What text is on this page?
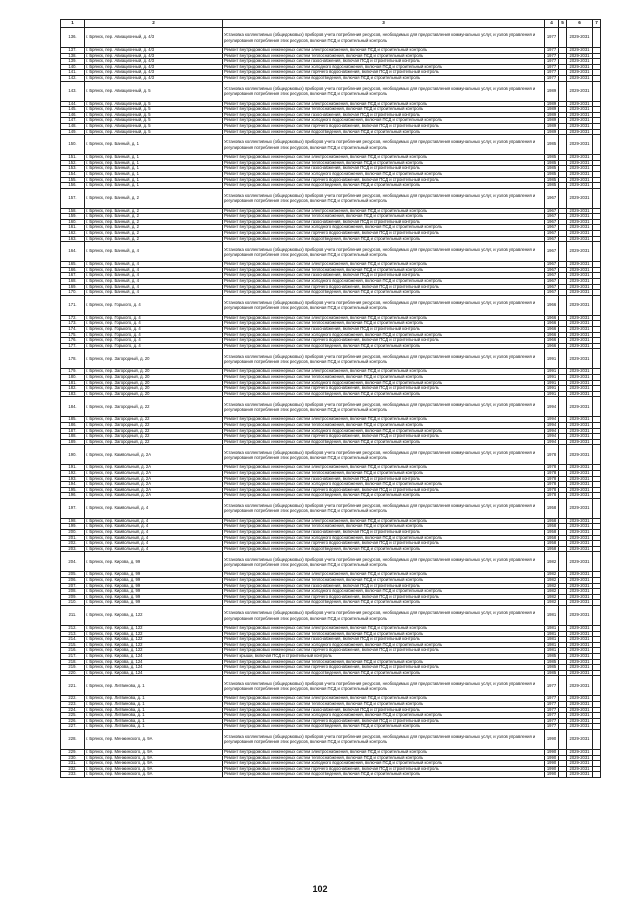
1	2	3	4	5	6	7
136.	г. Брянск, пер. Авиационный, д. 4/3	Установка коллективных (общедомовых) приборов учета потребления ресурсов, необходимых для предоставления коммунальных услуг, и узлов управления и регулирования потребления этих ресурсов, включая ПСД и строительный контроль	1977		2029-2031	
137.	г. Брянск, пер. Авиационный, д. 4/3	Ремонт внутридомовых инженерных систем электроснабжения, включая ПСД и строительный контроль	1977		2029-2031	
138.	г. Брянск, пер. Авиационный, д. 4/3	Ремонт внутридомовых инженерных систем теплоснабжения, включая ПСД и строительный контроль	1977		2029-2031	
139.	г. Брянск, пер. Авиационный, д. 4/3	Ремонт внутридомовых инженерных систем газоснабжения, включая ПСД и строительный контроль	1977		2029-2031	
140.	г. Брянск, пер. Авиационный, д. 4/3	Ремонт внутридомовых инженерных систем холодного водоснабжения, включая ПСД и строительный контроль	1977		2029-2031	
141.	г. Брянск, пер. Авиационный, д. 4/3	Ремонт внутридомовых инженерных систем горячего водоснабжения, включая ПСД и строительный контроль	1977		2029-2031	
142.	г. Брянск, пер. Авиационный, д. 4/3	Ремонт внутридомовых инженерных систем водоотведения, включая ПСД и строительный контроль	1977		2029-2031	
143.	г. Брянск, пер. Авиационный, д. 5	Установка коллективных (общедомовых) приборов учета потребления ресурсов, необходимых для предоставления коммунальных услуг, и узлов управления и регулирования потребления этих ресурсов, включая ПСД и строительный контроль	1989		2029-2031	
144.	г. Брянск, пер. Авиационный, д. 5	Ремонт внутридомовых инженерных систем электроснабжения, включая ПСД и строительный контроль	1989		2029-2031	
145.	г. Брянск, пер. Авиационный, д. 5	Ремонт внутридомовых инженерных систем теплоснабжения, включая ПСД и строительный контроль	1989		2029-2031	
146.	г. Брянск, пер. Авиационный, д. 5	Ремонт внутридомовых инженерных систем газоснабжения, включая ПСД и строительный контроль	1989		2029-2031	
147.	г. Брянск, пер. Авиационный, д. 5	Ремонт внутридомовых инженерных систем холодного водоснабжения, включая ПСД и строительный контроль	1989		2029-2031	
148.	г. Брянск, пер. Авиационный, д. 5	Ремонт внутридомовых инженерных систем горячего водоснабжения, включая ПСД и строительный контроль	1989		2029-2031	
149.	г. Брянск, пер. Авиационный, д. 5	Ремонт внутридомовых инженерных систем водоотведения, включая ПСД и строительный контроль	1989		2029-2031	
150.	г. Брянск, пер. Банный, д. 1	Установка коллективных (общедомовых) приборов учета потребления ресурсов, необходимых для предоставления коммунальных услуг, и узлов управления и регулирования потребления этих ресурсов, включая ПСД и строительный контроль	1985		2029-2031	
151.	г. Брянск, пер. Банный, д. 1	Ремонт внутридомовых инженерных систем электроснабжения, включая ПСД и строительный контроль	1985		2029-2031	
152.	г. Брянск, пер. Банный, д. 1	Ремонт внутридомовых инженерных систем теплоснабжения, включая ПСД и строительный контроль	1985		2029-2031	
153.	г. Брянск, пер. Банный, д. 1	Ремонт внутридомовых инженерных систем газоснабжения, включая ПСД и строительный контроль	1985		2029-2031	
154.	г. Брянск, пер. Банный, д. 1	Ремонт внутридомовых инженерных систем холодного водоснабжения, включая ПСД и строительный контроль	1985		2029-2031	
155.	г. Брянск, пер. Банный, д. 1	Ремонт внутридомовых инженерных систем горячего водоснабжения, включая ПСД и строительный контроль	1985		2029-2031	
156.	г. Брянск, пер. Банный, д. 1	Ремонт внутридомовых инженерных систем водоотведения, включая ПСД и строительный контроль	1985		2029-2031	
157.	г. Брянск, пер. Банный, д. 2	Установка коллективных (общедомовых) приборов учета потребления ресурсов, необходимых для предоставления коммунальных услуг, и узлов управления и регулирования потребления этих ресурсов, включая ПСД и строительный контроль	1967		2029-2031	
158.	г. Брянск, пер. Банный, д. 2	Ремонт внутридомовых инженерных систем электроснабжения, включая ПСД и строительный контроль	1967		2029-2031	
159.	г. Брянск, пер. Банный, д. 2	Ремонт внутридомовых инженерных систем теплоснабжения, включая ПСД и строительный контроль	1967		2029-2031	
160.	г. Брянск, пер. Банный, д. 2	Ремонт внутридомовых инженерных систем газоснабжения, включая ПСД и строительный контроль	1967		2029-2031	
161.	г. Брянск, пер. Банный, д. 2	Ремонт внутридомовых инженерных систем холодного водоснабжения, включая ПСД и строительный контроль	1967		2029-2031	
162.	г. Брянск, пер. Банный, д. 2	Ремонт внутридомовых инженерных систем горячего водоснабжения, включая ПСД и строительный контроль	1967		2029-2031	
163.	г. Брянск, пер. Банный, д. 2	Ремонт внутридомовых инженерных систем водоотведения, включая ПСД и строительный контроль	1967		2029-2031	
164.	г. Брянск, пер. Банный, д. 4	Установка коллективных (общедомовых) приборов учета потребления ресурсов, необходимых для предоставления коммунальных услуг, и узлов управления и регулирования потребления этих ресурсов, включая ПСД и строительный контроль	1967		2029-2031	
165.	г. Брянск, пер. Банный, д. 4	Ремонт внутридомовых инженерных систем электроснабжения, включая ПСД и строительный контроль	1967		2029-2031	
166.	г. Брянск, пер. Банный, д. 4	Ремонт внутридомовых инженерных систем теплоснабжения, включая ПСД и строительный контроль	1967		2029-2031	
167.	г. Брянск, пер. Банный, д. 4	Ремонт внутридомовых инженерных систем газоснабжения, включая ПСД и строительный контроль	1967		2029-2031	
168.	г. Брянск, пер. Банный, д. 4	Ремонт внутридомовых инженерных систем холодного водоснабжения, включая ПСД и строительный контроль	1967		2029-2031	
169.	г. Брянск, пер. Банный, д. 4	Ремонт внутридомовых инженерных систем горячего водоснабжения, включая ПСД и строительный контроль	1967		2029-2031	
170.	г. Брянск, пер. Банный, д. 4	Ремонт внутридомовых инженерных систем водоотведения, включая ПСД и строительный контроль	1967		2029-2031	
171.	г. Брянск, пер. Горького, д. 4	Установка коллективных (общедомовых) приборов учета потребления ресурсов, необходимых для предоставления коммунальных услуг, и узлов управления и регулирования потребления этих ресурсов, включая ПСД и строительный контроль	1966		2029-2031	
172.	г. Брянск, пер. Горького, д. 4	Ремонт внутридомовых инженерных систем электроснабжения, включая ПСД и строительный контроль	1966		2029-2031	
173.	г. Брянск, пер. Горького, д. 4	Ремонт внутридомовых инженерных систем теплоснабжения, включая ПСД и строительный контроль	1966		2029-2031	
174.	г. Брянск, пер. Горького, д. 4	Ремонт внутридомовых инженерных систем газоснабжения, включая ПСД и строительный контроль	1966		2029-2031	
175.	г. Брянск, пер. Горького, д. 4	Ремонт внутридомовых инженерных систем холодного водоснабжения, включая ПСД и строительный контроль	1966		2029-2031	
176.	г. Брянск, пер. Горького, д. 4	Ремонт внутридомовых инженерных систем горячего водоснабжения, включая ПСД и строительный контроль	1966		2029-2031	
177.	г. Брянск, пер. Горького, д. 4	Ремонт внутридомовых инженерных систем водоотведения, включая ПСД и строительный контроль	1966		2029-2031	
178.	г. Брянск, пер. Загородный, д. 20	Установка коллективных (общедомовых) приборов учета потребления ресурсов, необходимых для предоставления коммунальных услуг, и узлов управления и регулирования потребления этих ресурсов, включая ПСД и строительный контроль	1991		2029-2031	
179.	г. Брянск, пер. Загородный, д. 20	Ремонт внутридомовых инженерных систем электроснабжения, включая ПСД и строительный контроль	1991		2029-2031	
180.	г. Брянск, пер. Загородный, д. 20	Ремонт внутридомовых инженерных систем теплоснабжения, включая ПСД и строительный контроль	1991		2029-2031	
181.	г. Брянск, пер. Загородный, д. 20	Ремонт внутридомовых инженерных систем холодного водоснабжения, включая ПСД и строительный контроль	1991		2029-2031	
182.	г. Брянск, пер. Загородный, д. 20	Ремонт внутридомовых инженерных систем горячего водоснабжения, включая ПСД и строительный контроль	1991		2029-2031	
183.	г. Брянск, пер. Загородный, д. 20	Ремонт внутридомовых инженерных систем водоотведения, включая ПСД и строительный контроль	1991		2029-2031	
184.	г. Брянск, пер. Загородный, д. 22	Установка коллективных (общедомовых) приборов учета потребления ресурсов, необходимых для предоставления коммунальных услуг, и узлов управления и регулирования потребления этих ресурсов, включая ПСД и строительный контроль	1994		2029-2031	
185.	г. Брянск, пер. Загородный, д. 22	Ремонт внутридомовых инженерных систем электроснабжения, включая ПСД и строительный контроль	1994		2029-2031	
186.	г. Брянск, пер. Загородный, д. 22	Ремонт внутридомовых инженерных систем теплоснабжения, включая ПСД и строительный контроль	1994		2029-2031	
187.	г. Брянск, пер. Загородный, д. 22	Ремонт внутридомовых инженерных систем холодного водоснабжения, включая ПСД и строительный контроль	1994		2029-2031	
188.	г. Брянск, пер. Загородный, д. 22	Ремонт внутридомовых инженерных систем горячего водоснабжения, включая ПСД и строительный контроль	1994		2029-2031	
189.	г. Брянск, пер. Загородный, д. 22	Ремонт внутридомовых инженерных систем водоотведения, включая ПСД и строительный контроль	1994		2029-2031	
190.	г. Брянск, пер. Камвольный, д. 2А	Установка коллективных (общедомовых) приборов учета потребления ресурсов, необходимых для предоставления коммунальных услуг, и узлов управления и регулирования потребления этих ресурсов, включая ПСД и строительный контроль	1978		2029-2031	
191.	г. Брянск, пер. Камвольный, д. 2А	Ремонт внутридомовых инженерных систем электроснабжения, включая ПСД и строительный контроль	1978		2029-2031	
192.	г. Брянск, пер. Камвольный, д. 2А	Ремонт внутридомовых инженерных систем теплоснабжения, включая ПСД и строительный контроль	1978		2029-2031	
193.	г. Брянск, пер. Камвольный, д. 2А	Ремонт внутридомовых инженерных систем газоснабжения, включая ПСД и строительный контроль	1978		2029-2031	
194.	г. Брянск, пер. Камвольный, д. 2А	Ремонт внутридомовых инженерных систем холодного водоснабжения, включая ПСД и строительный контроль	1978		2029-2031	
195.	г. Брянск, пер. Камвольный, д. 2А	Ремонт внутридомовых инженерных систем горячего водоснабжения, включая ПСД и строительный контроль	1978		2029-2031	
196.	г. Брянск, пер. Камвольный, д. 2А	Ремонт внутридомовых инженерных систем водоотведения, включая ПСД и строительный контроль	1978		2029-2031	
197.	г. Брянск, пер. Камвольный, д. 4	Установка коллективных (общедомовых) приборов учета потребления ресурсов, необходимых для предоставления коммунальных услуг, и узлов управления и регулирования потребления этих ресурсов, включая ПСД и строительный контроль	1958		2029-2031	
198.	г. Брянск, пер. Камвольный, д. 4	Ремонт внутридомовых инженерных систем электроснабжения, включая ПСД и строительный контроль	1958		2029-2031	
199.	г. Брянск, пер. Камвольный, д. 4	Ремонт внутридомовых инженерных систем теплоснабжения, включая ПСД и строительный контроль	1958		2029-2031	
200.	г. Брянск, пер. Камвольный, д. 4	Ремонт внутридомовых инженерных систем газоснабжения, включая ПСД и строительный контроль	1958		2029-2031	
201.	г. Брянск, пер. Камвольный, д. 4	Ремонт внутридомовых инженерных систем холодного водоснабжения, включая ПСД и строительный контроль	1958		2029-2031	
202.	г. Брянск, пер. Камвольный, д. 4	Ремонт внутридомовых инженерных систем горячего водоснабжения, включая ПСД и строительный контроль	1958		2029-2031	
203.	г. Брянск, пер. Камвольный, д. 4	Ремонт внутридомовых инженерных систем водоотведения, включая ПСД и строительный контроль	1958		2029-2031	
204.	г. Брянск, пер. Кирова, д. 99	Установка коллективных (общедомовых) приборов учета потребления ресурсов, необходимых для предоставления коммунальных услуг, и узлов управления и регулирования потребления этих ресурсов, включая ПСД и строительный контроль	1982		2029-2031	
205.	г. Брянск, пер. Кирова, д. 99	Ремонт внутридомовых инженерных систем электроснабжения, включая ПСД и строительный контроль	1982		2029-2031	
206.	г. Брянск, пер. Кирова, д. 99	Ремонт внутридомовых инженерных систем теплоснабжения, включая ПСД и строительный контроль	1982		2029-2031	
207.	г. Брянск, пер. Кирова, д. 99	Ремонт внутридомовых инженерных систем газоснабжения, включая ПСД и строительный контроль	1982		2029-2031	
208.	г. Брянск, пер. Кирова, д. 99	Ремонт внутридомовых инженерных систем холодного водоснабжения, включая ПСД и строительный контроль	1982		2029-2031	
209.	г. Брянск, пер. Кирова, д. 99	Ремонт внутридомовых инженерных систем горячего водоснабжения, включая ПСД и строительный контроль	1982		2029-2031	
210.	г. Брянск, пер. Кирова, д. 99	Ремонт внутридомовых инженерных систем водоотведения, включая ПСД и строительный контроль	1982		2029-2031	
211.	г. Брянск, пер. Кирова, д. 122	Установка коллективных (общедомовых) приборов учета потребления ресурсов, необходимых для предоставления коммунальных услуг, и узлов управления и регулирования потребления этих ресурсов, включая ПСД и строительный контроль	1981		2029-2031	
212.	г. Брянск, пер. Кирова, д. 122	Ремонт внутридомовых инженерных систем электроснабжения, включая ПСД и строительный контроль	1981		2029-2031	
213.	г. Брянск, пер. Кирова, д. 122	Ремонт внутридомовых инженерных систем теплоснабжения, включая ПСД и строительный контроль	1981		2029-2031	
214.	г. Брянск, пер. Кирова, д. 122	Ремонт внутридомовых инженерных систем газоснабжения, включая ПСД и строительный контроль	1981		2029-2031	
215.	г. Брянск, пер. Кирова, д. 122	Ремонт внутридомовых инженерных систем холодного водоснабжения, включая ПСД и строительный контроль	1981		2029-2031	
216.	г. Брянск, пер. Кирова, д. 122	Ремонт внутридомовых инженерных систем горячего водоснабжения, включая ПСД и строительный контроль	1981		2029-2031	
217.	г. Брянск, пер. Кирова, д. 124	Ремонт крыши, включая ПСД и строительный контроль	1985		2029-2031	
218.	г. Брянск, пер. Кирова, д. 124	Ремонт внутридомовых инженерных систем теплоснабжения, включая ПСД и строительный контроль	1985		2029-2031	
219.	г. Брянск, пер. Кирова, д. 124	Ремонт внутридомовых инженерных систем горячего водоснабжения, включая ПСД и строительный контроль	1985		2029-2031	
220.	г. Брянск, пер. Кирова, д. 124	Ремонт внутридомовых инженерных систем водоотведения, включая ПСД и строительный контроль	1985		2029-2031	
221.	г. Брянск, пер. Литвинова, д. 1	Установка коллективных (общедомовых) приборов учета потребления ресурсов, необходимых для предоставления коммунальных услуг, и узлов управления и регулирования потребления этих ресурсов, включая ПСД и строительный контроль	1977		2029-2031	
222.	г. Брянск, пер. Литвинова, д. 1	Ремонт внутридомовых инженерных систем электроснабжения, включая ПСД и строительный контроль	1977		2029-2031	
223.	г. Брянск, пер. Литвинова, д. 1	Ремонт внутридомовых инженерных систем теплоснабжения, включая ПСД и строительный контроль	1977		2029-2031	
224.	г. Брянск, пер. Литвинова, д. 1	Ремонт внутридомовых инженерных систем газоснабжения, включая ПСД и строительный контроль	1977		2029-2031	
225.	г. Брянск, пер. Литвинова, д. 1	Ремонт внутридомовых инженерных систем холодного водоснабжения, включая ПСД и строительный контроль	1977		2029-2031	
226.	г. Брянск, пер. Литвинова, д. 1	Ремонт внутридомовых инженерных систем горячего водоснабжения, включая ПСД и строительный контроль	1977		2029-2031	
227.	г. Брянск, пер. Литвинова, д. 1	Ремонт внутридомовых инженерных систем водоотведения, включая ПСД и строительный контроль	1977		2029-2031	
228.	г. Брянск, пер. Менжинского, д. 9А	Установка коллективных (общедомовых) приборов учета потребления ресурсов, необходимых для предоставления коммунальных услуг, и узлов управления и регулирования потребления этих ресурсов, включая ПСД и строительный контроль	1990		2029-2031	
229.	г. Брянск, пер. Менжинского, д. 9А	Ремонт внутридомовых инженерных систем электроснабжения, включая ПСД и строительный контроль	1990		2029-2031	
230.	г. Брянск, пер. Менжинского, д. 9А	Ремонт внутридомовых инженерных систем теплоснабжения, включая ПСД и строительный контроль	1990		2029-2031	
231.	г. Брянск, пер. Менжинского, д. 9А	Ремонт внутридомовых инженерных систем холодного водоснабжения, включая ПСД и строительный контроль	1990		2029-2031	
232.	г. Брянск, пер. Менжинского, д. 9А	Ремонт внутридомовых инженерных систем горячего водоснабжения, включая ПСД и строительный контроль	1990		2029-2031	
233.	г. Брянск, пер. Менжинского, д. 9А	Ремонт внутридомовых инженерных систем водоотведения, включая ПСД и строительный контроль	1990		2029-2031	
102
